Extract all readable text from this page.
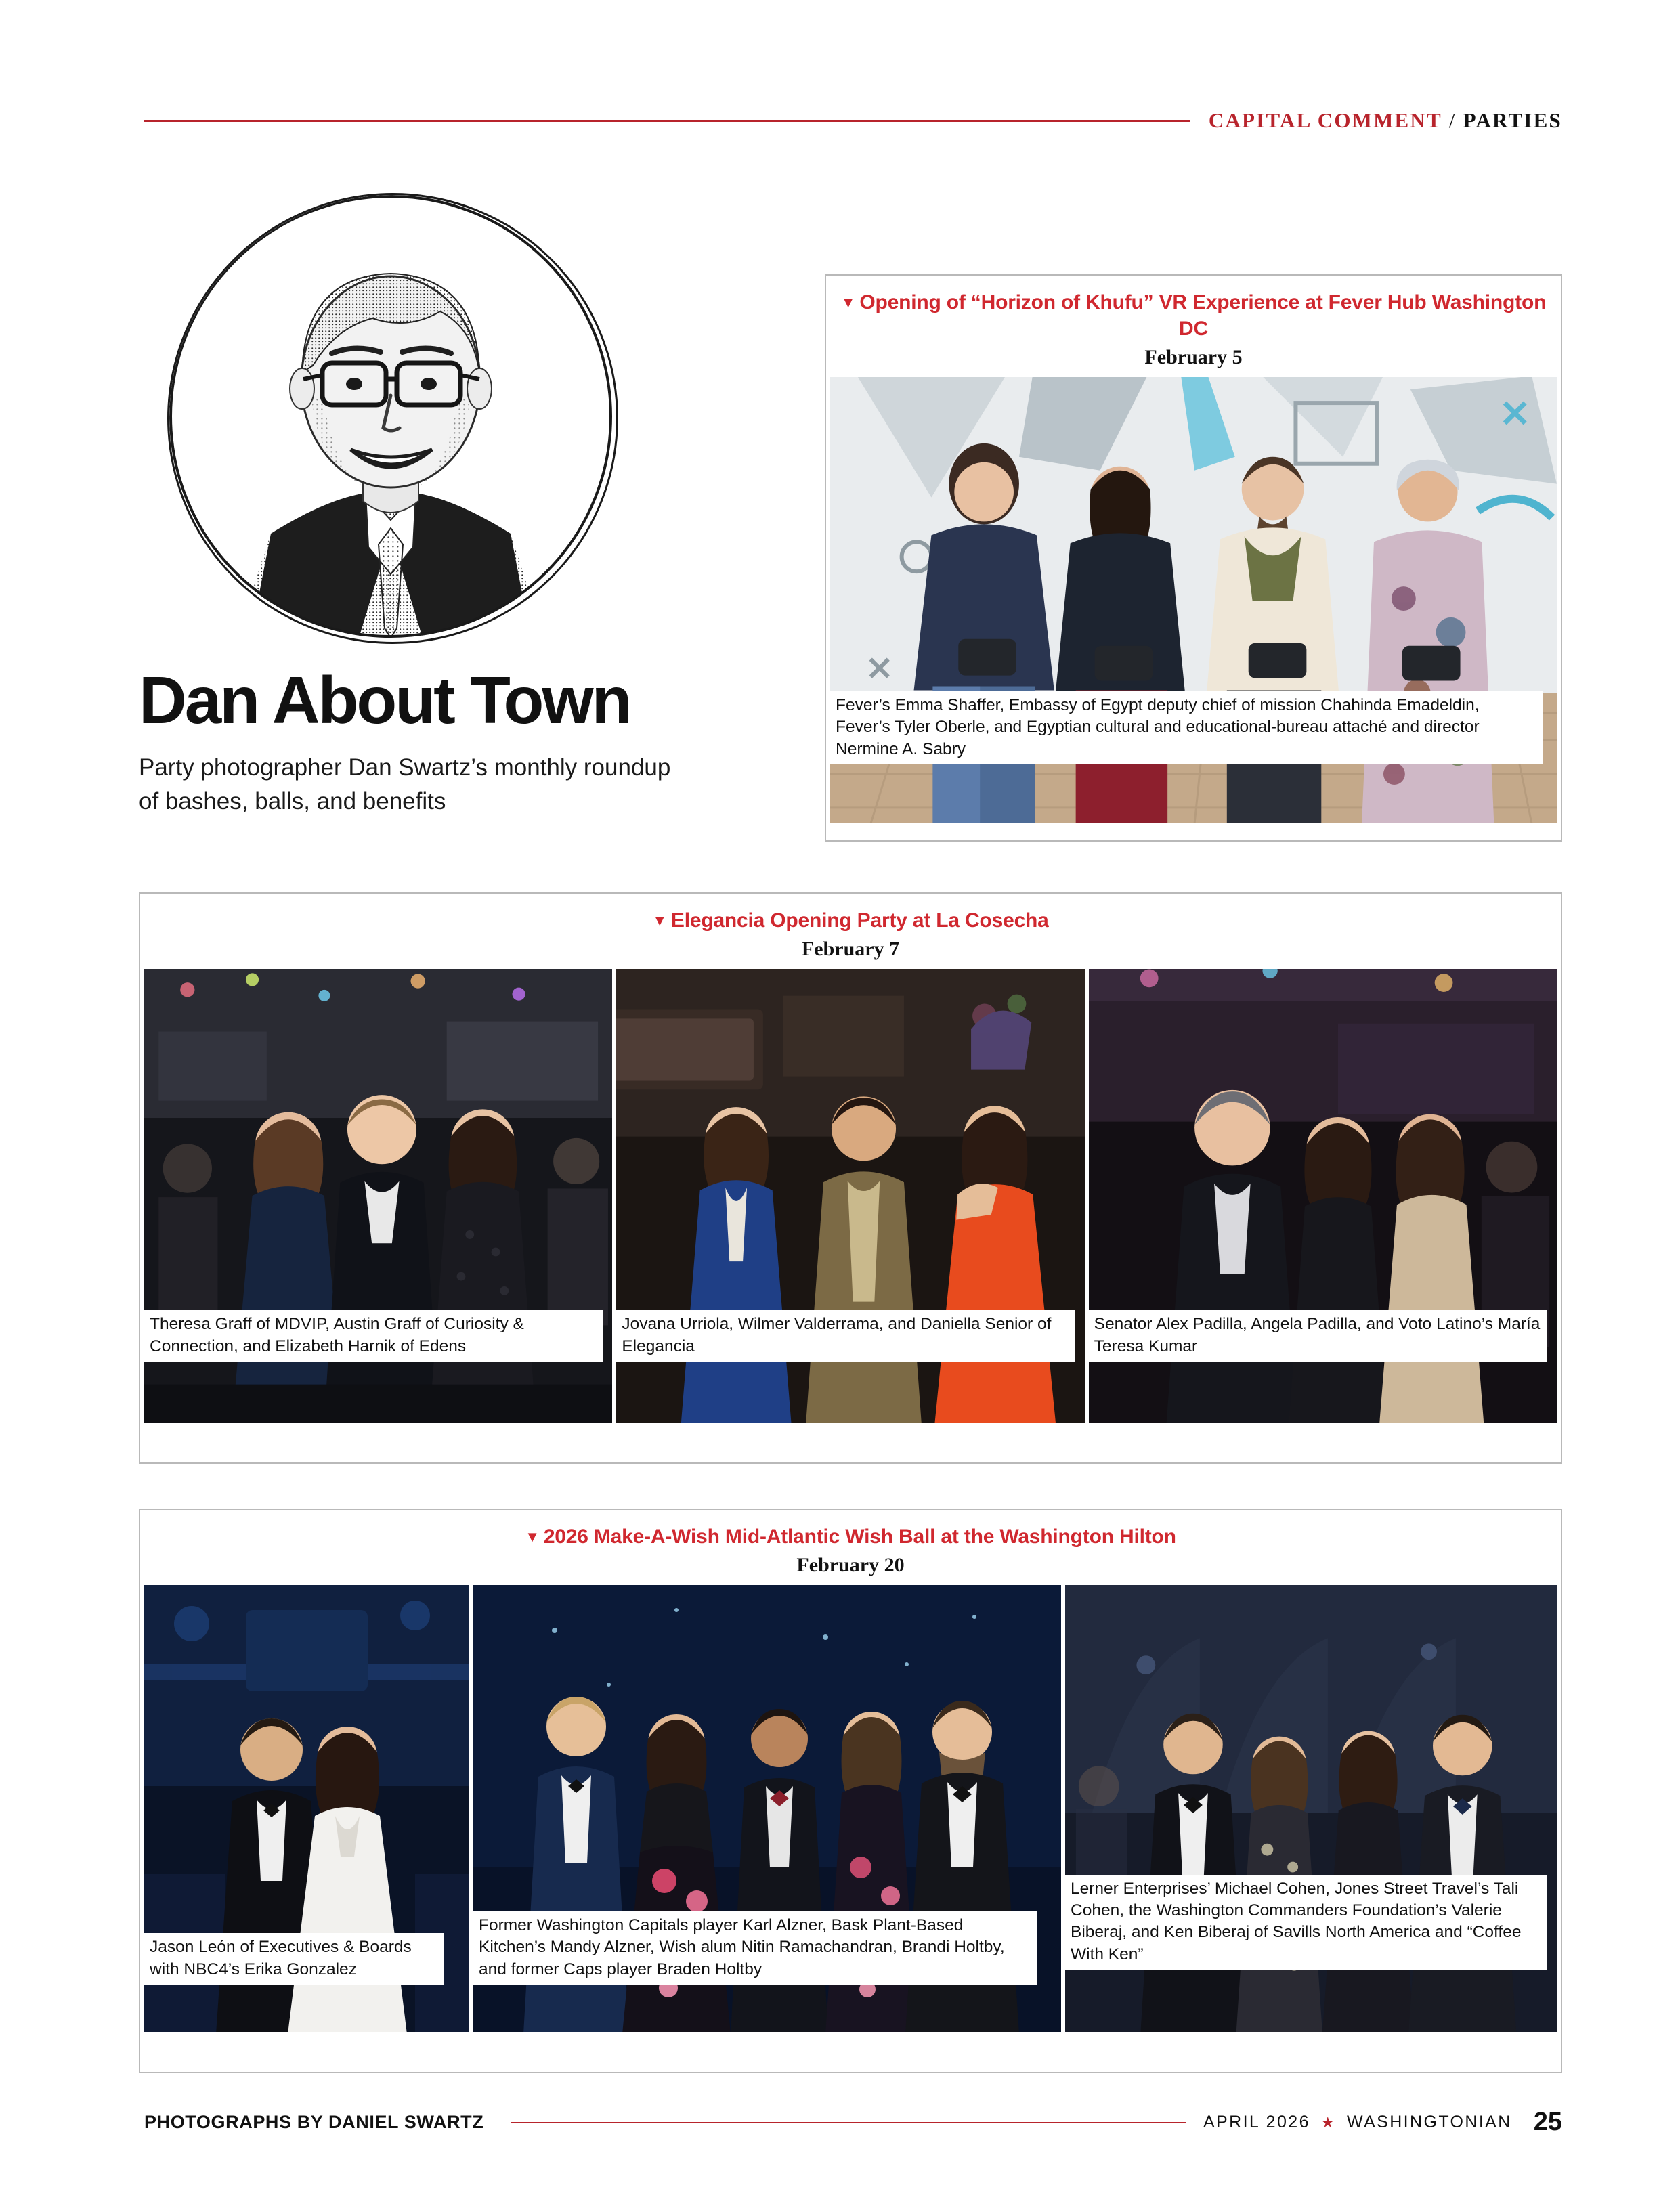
CAPITAL COMMENT / PARTIES
Dan About Town
Party photographer Dan Swartz’s monthly roundup of bashes, balls, and benefits
▼ Opening of “Horizon of Khufu” VR Experience at Fever Hub Washington DC
February 5
Fever’s Emma Shaffer, Embassy of Egypt deputy chief of mission Chahinda Emadeldin, Fever’s Tyler Oberle, and Egyptian cultural and educational-bureau attaché and director Nermine A. Sabry
▼ Elegancia Opening Party at La Cosecha
February 7
Theresa Graff of MDVIP, Austin Graff of Curiosity & Connection, and Elizabeth Harnik of Edens
Jovana Urriola, Wilmer Valderrama, and Daniella Senior of Elegancia
Senator Alex Padilla, Angela Padilla, and Voto Latino’s María Teresa Kumar
▼ 2026 Make-A-Wish Mid-Atlantic Wish Ball at the Washington Hilton
February 20
Jason León of Executives & Boards with NBC4’s Erika Gonzalez
Former Washington Capitals player Karl Alzner, Bask Plant-Based Kitchen’s Mandy Alzner, Wish alum Nitin Ramachandran, Brandi Holtby, and former Caps player Braden Holtby
Lerner Enterprises’ Michael Cohen, Jones Street Travel’s Tali Cohen, the Washington Commanders Foundation’s Valerie Biberaj, and Ken Biberaj of Savills North America and “Coffee With Ken”
PHOTOGRAPHS BY DANIEL SWARTZ	APRIL 2026 ★ WASHINGTONIAN 25
